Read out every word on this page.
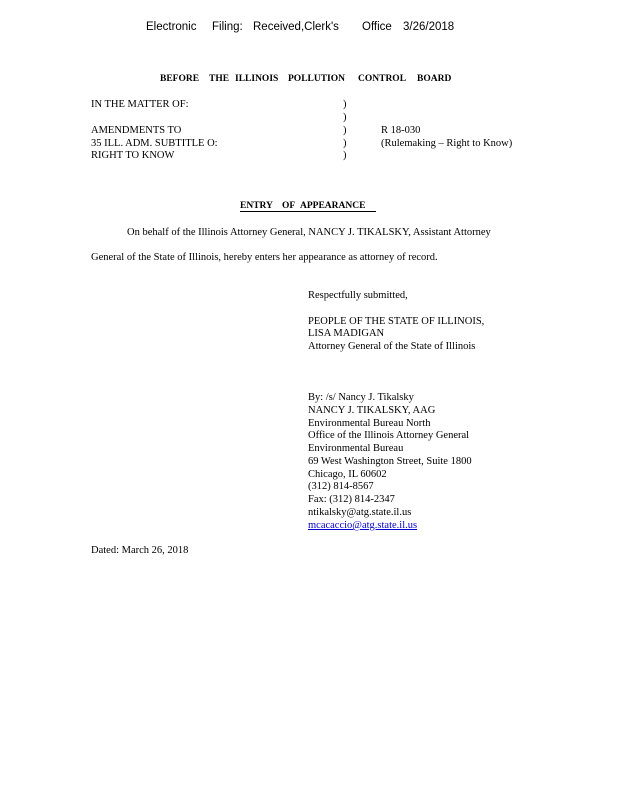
Electronic Filing: Received,Clerk's Office 3/26/2018
BEFORE THE ILLINOIS POLLUTION CONTROL BOARD
IN THE MATTER OF:
AMENDMENTS TO
35 ILL. ADM. SUBTITLE O:
RIGHT TO KNOW
)
)
)
)
)
R 18-030
(Rulemaking – Right to Know)
ENTRY OF APPEARANCE
On behalf of the Illinois Attorney General, NANCY J. TIKALSKY, Assistant Attorney
General of the State of Illinois, hereby enters her appearance as attorney of record.
Respectfully submitted,
PEOPLE OF THE STATE OF ILLINOIS,
LISA MADIGAN
Attorney General of the State of Illinois
By: /s/ Nancy J. Tikalsky
NANCY J. TIKALSKY, AAG
Environmental Bureau North
Office of the Illinois Attorney General
Environmental Bureau
69 West Washington Street, Suite 1800
Chicago, IL 60602
(312) 814-8567
Fax: (312) 814-2347
ntikalsky@atg.state.il.us
mcacaccio@atg.state.il.us
Dated: March 26, 2018
